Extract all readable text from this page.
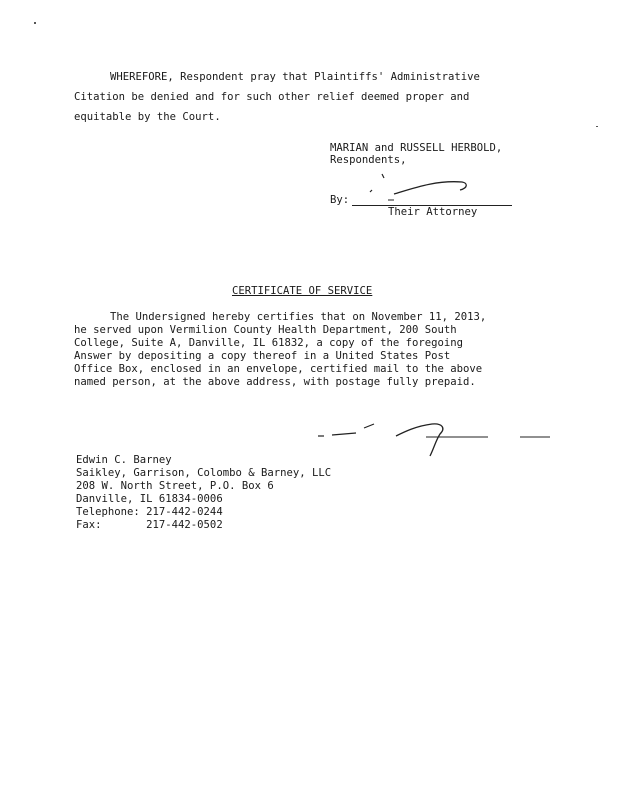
WHEREFORE, Respondent pray that Plaintiffs' Administrative
Citation be denied and for such other relief deemed proper and
equitable by the Court.
MARIAN and RUSSELL HERBOLD,
Respondents,
By:
Their Attorney
CERTIFICATE OF SERVICE
The Undersigned hereby certifies that on November 11, 2013,
he served upon Vermilion County Health Department, 200 South
College, Suite A, Danville, IL 61832, a copy of the foregoing
Answer by depositing a copy thereof in a United States Post
Office Box, enclosed in an envelope, certified mail to the above
named person, at the above address, with postage fully prepaid.
Edwin C. Barney
Saikley, Garrison, Colombo & Barney, LLC
208 W. North Street, P.O. Box 6
Danville, IL 61834-0006
Telephone: 217-442-0244
Fax:       217-442-0502
